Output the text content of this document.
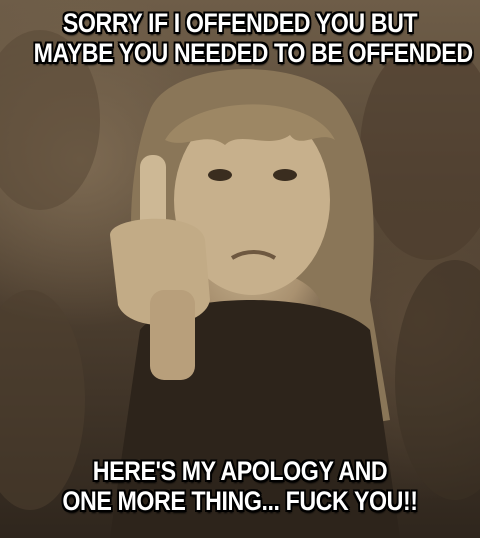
SORRY IF I OFFENDED YOU BUT
MAYBE YOU NEEDED TO BE OFFENDED
HERE'S MY APOLOGY AND
ONE MORE THING... FUCK YOU!!
